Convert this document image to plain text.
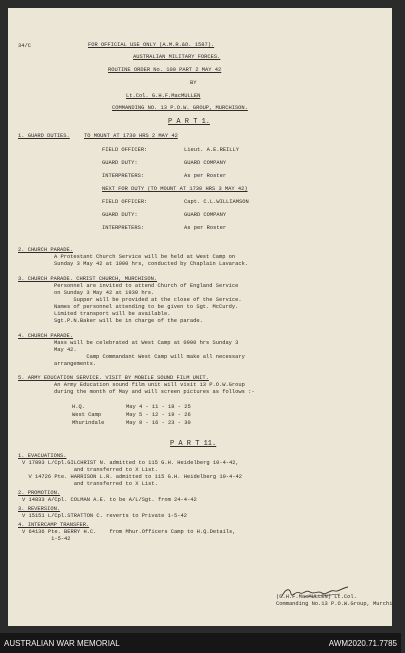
34/C	FOR OFFICIAL USE ONLY (A.M.R.&O. 1587).
AUSTRALIAN MILITARY FORCES.
ROUTINE ORDER No. 100 PART 2 MAY 42
BY
Lt.Col. G.H.F.MacMULLEN
COMMANDING NO. 13 P.O.W. GROUP, MURCHISON.
P A R T 1.
1. GUARD DUTIES.	TO MOUNT AT 1730 HRS 2 MAY 42
FIELD OFFICER:	Lieut. A.E.REILLY
GUARD DUTY:	GUARD COMPANY
INTERPRETERS:	As per Roster
NEXT FOR DUTY (TO MOUNT AT 1730 HRS 3 MAY 42)
FIELD OFFICER:	Capt. C.L.WILLIAMSON
GUARD DUTY:	GUARD COMPANY
INTERPRETERS:	As per Roster
2. CHURCH PARADE.
A Protestant Church Service will be held at West Camp on
Sunday 3 May 42 at 1000 hrs, conducted by Chaplain Lavarack.
3. CHURCH PARADE. CHRIST CHURCH, MURCHISON.
Personnel are invited to attend Church of England Service
on Sunday 3 May 42 at 1930 hrs.
Supper will be provided at the close of the Service.
Names of personnel attending to be given to Sgt. McCurdy.
Limited transport will be available.
Sgt.P.N.Baker will be in charge of the parade.
4. CHURCH PARADE.
Mass will be celebrated at West Camp at 0900 hrs Sunday 3
May 42.
Camp Commandant West Camp will make all necessary
arrangements.
5. ARMY EDUCATION SERVICE. VISIT BY MOBILE SOUND FILM UNIT.
An Army Education sound film unit will visit 13 P.O.W.Group
during the month of May and will screen pictures as follows :-
H.Q.	May 4 - 11 - 18 - 25
West Camp	May 5 - 12 - 19 - 26
Mhurindale	May 9 - 16 - 23 - 30
P A R T 11.
1. EVACUATIONS.
V 17893 L/Cpl.GILCHRIST N. admitted to 115 G.H. Heidelberg 10-4-42,
and transferred to X List.
V 14726 Pte. HARRISON L.R. admitted to 115 G.H. Heidelberg 10-4-42
and transferred to X List.
2. PROMOTION.
V 14833 A/Cpl. COLMAN A.E. to be A/L/Sgt. from 24-4-42
3. REVERSION.
V 15151 L/Cpl.STRATTON C. reverts to Private 1-5-42
4. INTERCAMP TRANSFER.
V 64136 Pte. BERRY H.C.    from Mhur.Officers Camp to H.Q.Details,
1-5-42
(G.H.F.MacMULLEN) Lt.Col.
Commanding No.13 P.O.W.Group, Murchison.
AUSTRALIAN WAR MEMORIAL	AWM2020.71.7785
